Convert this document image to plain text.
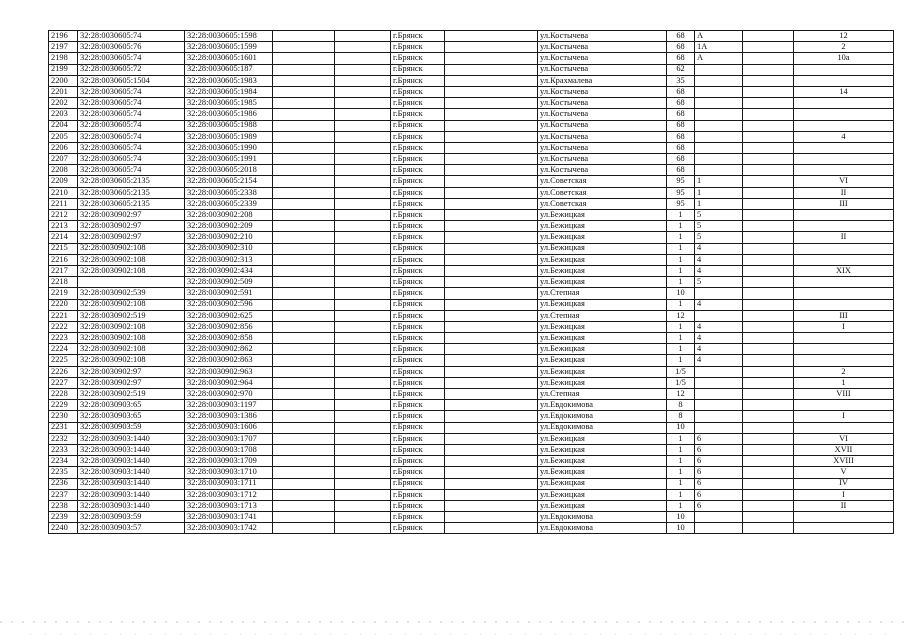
2196	32:28:0030605:74	32:28:0030605:1598			г.Брянск		ул.Костычева	68	А		12
2197	32:28:0030605:76	32:28:0030605:1599			г.Брянск		ул.Костычева	68	1А		2
2198	32:28:0030605:74	32:28:0030605:1601			г.Брянск		ул.Костычева	68	А		10а
2199	32:28:0030605:72	32:28:0030605:187			г.Брянск		ул.Костычева	62			
2200	32:28:0030605:1504	32:28:0030605:1983			г.Брянск		ул.Крахмалева	35			
2201	32:28:0030605:74	32:28:0030605:1984			г.Брянск		ул.Костычева	68			14
2202	32:28:0030605:74	32:28:0030605:1985			г.Брянск		ул.Костычева	68			
2203	32:28:0030605:74	32:28:0030605:1986			г.Брянск		ул.Костычева	68			
2204	32:28:0030605:74	32:28:0030605:1988			г.Брянск		ул.Костычева	68			
2205	32:28:0030605:74	32:28:0030605:1989			г.Брянск		ул.Костычева	68			4
2206	32:28:0030605:74	32:28:0030605:1990			г.Брянск		ул.Костычева	68			
2207	32:28:0030605:74	32:28:0030605:1991			г.Брянск		ул.Костычева	68			
2208	32:28:0030605:74	32:28:0030605:2018			г.Брянск		ул.Костычева	68			
2209	32:28:0030605:2135	32:28:0030605:2154			г.Брянск		ул.Советская	95	1		VI
2210	32:28:0030605:2135	32:28:0030605:2338			г.Брянск		ул.Советская	95	1		II
2211	32:28:0030605:2135	32:28:0030605:2339			г.Брянск		ул.Советская	95	1		III
2212	32:28:0030902:97	32:28:0030902:208			г.Брянск		ул.Бежицкая	1	5		
2213	32:28:0030902:97	32:28:0030902:209			г.Брянск		ул.Бежицкая	1	5		
2214	32:28:0030902:97	32:28:0030902:210			г.Брянск		ул.Бежицкая	1	5		II
2215	32:28:0030902:108	32:28:0030902:310			г.Брянск		ул.Бежицкая	1	4		
2216	32:28:0030902:108	32:28:0030902:313			г.Брянск		ул.Бежицкая	1	4		
2217	32:28:0030902:108	32:28:0030902:434			г.Брянск		ул.Бежицкая	1	4		XIX
2218		32:28:0030902:509			г.Брянск		ул.Бежицкая	1	5		
2219	32:28:0030902:539	32:28:0030902:591			г.Брянск		ул.Степная	10			
2220	32:28:0030902:108	32:28:0030902:596			г.Брянск		ул.Бежицкая	1	4		
2221	32:28:0030902:519	32:28:0030902:625			г.Брянск		ул.Степная	12			III
2222	32:28:0030902:108	32:28:0030902:856			г.Брянск		ул.Бежицкая	1	4		I
2223	32:28:0030902:108	32:28:0030902:858			г.Брянск		ул.Бежицкая	1	4		
2224	32:28:0030902:108	32:28:0030902:862			г.Брянск		ул.Бежицкая	1	4		
2225	32:28:0030902:108	32:28:0030902:863			г.Брянск		ул.Бежицкая	1	4		
2226	32:28:0030902:97	32:28:0030902:963			г.Брянск		ул.Бежицкая	1/5			2
2227	32:28:0030902:97	32:28:0030902:964			г.Брянск		ул.Бежицкая	1/5			1
2228	32:28:0030902:519	32:28:0030902:970			г.Брянск		ул.Степная	12			VIII
2229	32:28:0030903:65	32:28:0030903:1197			г.Брянск		ул.Евдокимова	8			
2230	32:28:0030903:65	32:28:0030903:1386			г.Брянск		ул.Евдокимова	8			I
2231	32:28:0030903:59	32:28:0030903:1606			г.Брянск		ул.Евдокимова	10			
2232	32:28:0030903:1440	32:28:0030903:1707			г.Брянск		ул.Бежицкая	1	6		VI
2233	32:28:0030903:1440	32:28:0030903:1708			г.Брянск		ул.Бежицкая	1	6		XVII
2234	32:28:0030903:1440	32:28:0030903:1709			г.Брянск		ул.Бежицкая	1	6		XVIII
2235	32:28:0030903:1440	32:28:0030903:1710			г.Брянск		ул.Бежицкая	1	6		V
2236	32:28:0030903:1440	32:28:0030903:1711			г.Брянск		ул.Бежицкая	1	6		IV
2237	32:28:0030903:1440	32:28:0030903:1712			г.Брянск		ул.Бежицкая	1	6		I
2238	32:28:0030903:1440	32:28:0030903:1713			г.Брянск		ул.Бежицкая	1	6		II
2239	32:28:0030903:59	32:28:0030903:1741			г.Брянск		ул.Евдокимова	10			
2240	32:28:0030903:57	32:28:0030903:1742			г.Брянск		ул.Евдокимова	10			
